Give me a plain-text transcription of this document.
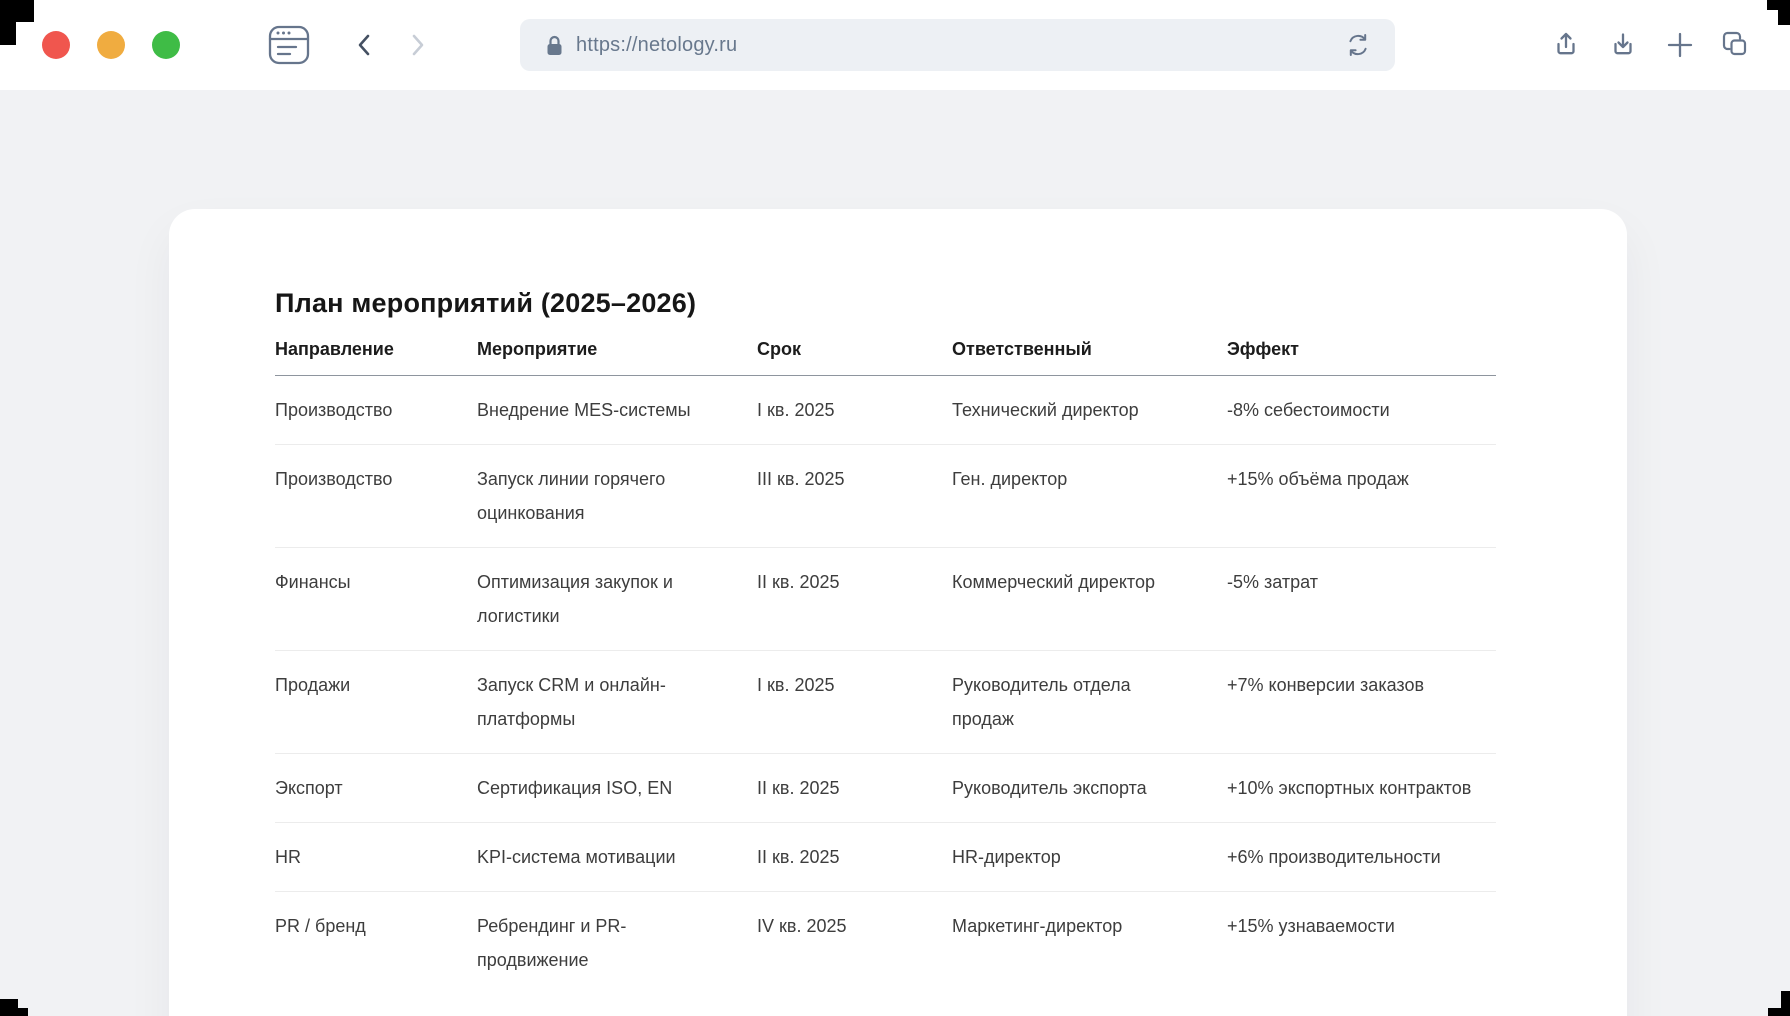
https://netology.ru
План мероприятий (2025–2026)
Направление	Мероприятие	Срок	Ответственный	Эффект
Производство	Внедрение MES-системы	I кв. 2025	Технический директор	-8% себестоимости
Производство	Запуск линии горячего оцинкования	III кв. 2025	Ген. директор	+15% объёма продаж
Финансы	Оптимизация закупок и логистики	II кв. 2025	Коммерческий директор	-5% затрат
Продажи	Запуск CRM и онлайн-платформы	I кв. 2025	Руководитель отдела продаж	+7% конверсии заказов
Экспорт	Сертификация ISO, EN	II кв. 2025	Руководитель экспорта	+10% экспортных контрактов
HR	KPI-система мотивации	II кв. 2025	HR-директор	+6% производительности
PR / бренд	Ребрендинг и PR-продвижение	IV кв. 2025	Маркетинг-директор	+15% узнаваемости
